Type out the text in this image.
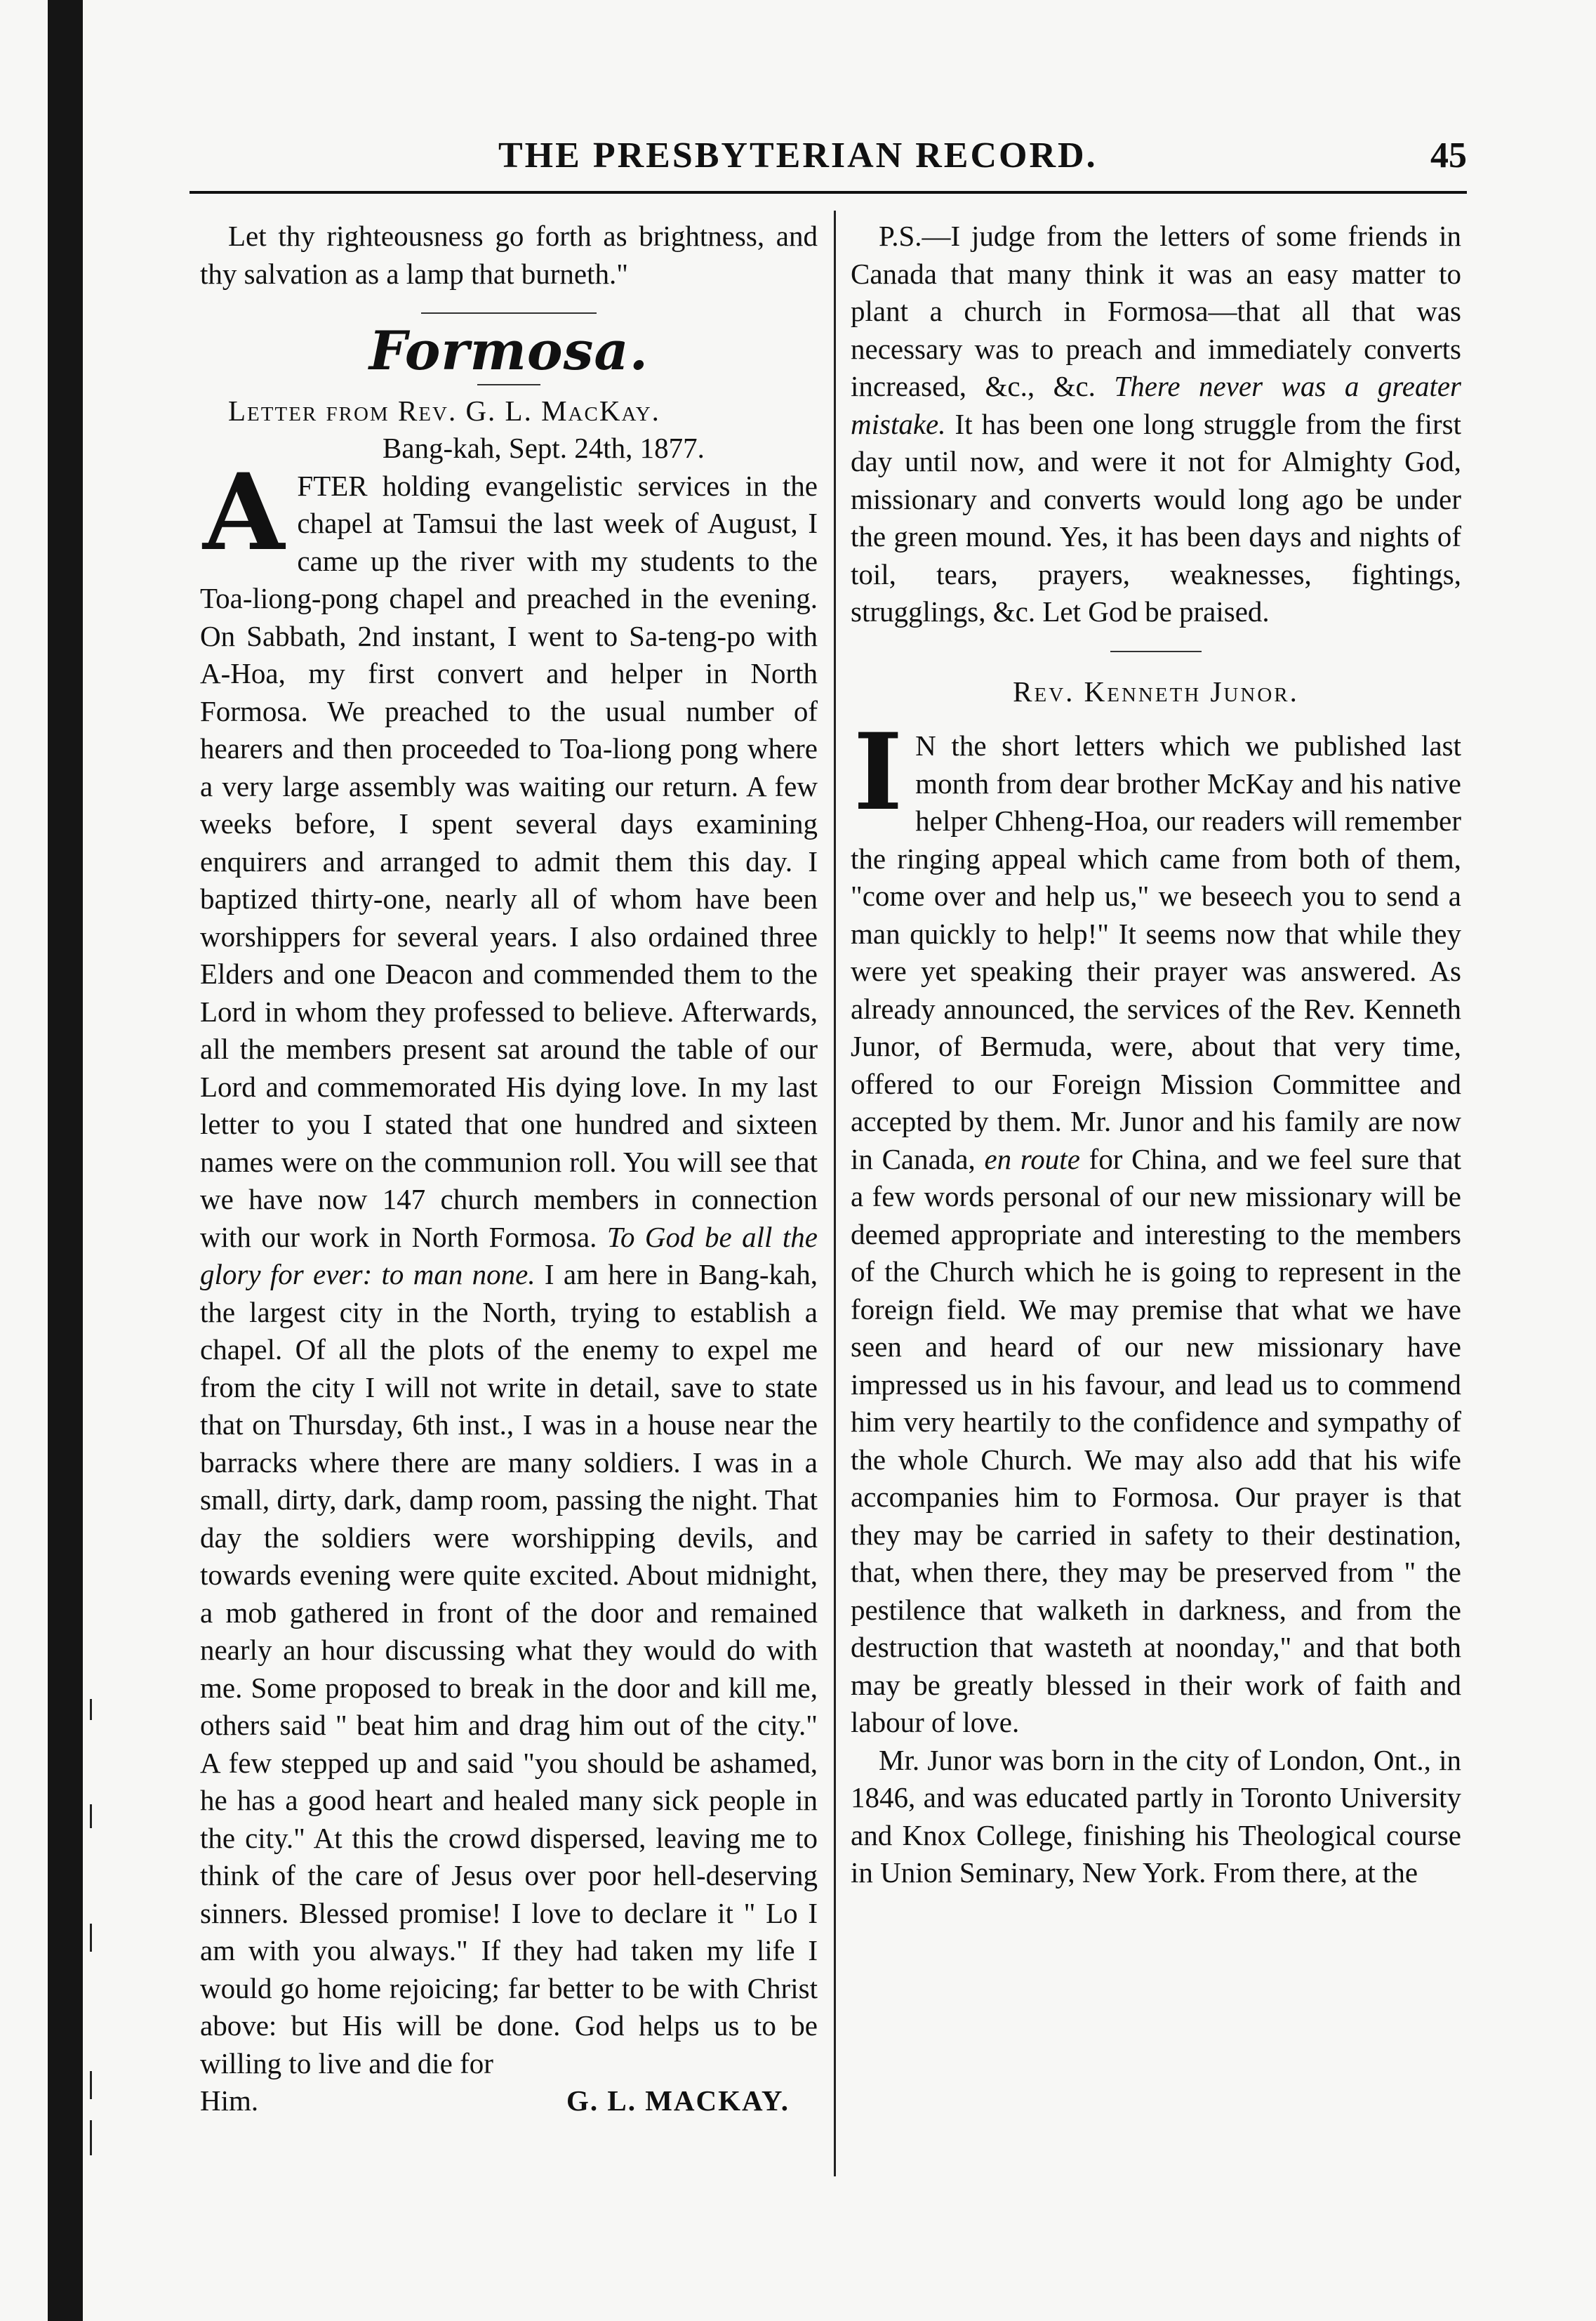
THE PRESBYTERIAN RECORD.	45

Let thy righteousness go forth as brightness, and thy salvation as a lamp that burneth."

Formosa.

Letter from Rev. G. L. MacKay.

Bang-kah, Sept. 24th, 1877.

AFTER holding evangelistic services in the chapel at Tamsui the last week of August, I came up the river with my students to the Toa-liong-pong chapel and preached in the evening. On Sabbath, 2nd instant, I went to Sa-teng-po with A-Hoa, my first convert and helper in North Formosa. We preached to the usual number of hearers and then proceeded to Toa-liong pong where a very large assembly was waiting our return. A few weeks before, I spent several days examining enquirers and arranged to admit them this day. I baptized thirty-one, nearly all of whom have been worshippers for several years. I also ordained three Elders and one Deacon and commended them to the Lord in whom they professed to believe. Afterwards, all the members present sat around the table of our Lord and commemorated His dying love. In my last letter to you I stated that one hundred and sixteen names were on the communion roll. You will see that we have now 147 church members in connection with our work in North Formosa. To God be all the glory for ever: to man none. I am here in Bang-kah, the largest city in the North, trying to establish a chapel. Of all the plots of the enemy to expel me from the city I will not write in detail, save to state that on Thursday, 6th inst., I was in a house near the barracks where there are many soldiers. I was in a small, dirty, dark, damp room, passing the night. That day the soldiers were worshipping devils, and towards evening were quite excited. About midnight, a mob gathered in front of the door and remained nearly an hour discussing what they would do with me. Some proposed to break in the door and kill me, others said " beat him and drag him out of the city." A few stepped up and said "you should be ashamed, he has a good heart and healed many sick people in the city." At this the crowd dispersed, leaving me to think of the care of Jesus over poor hell-deserving sinners. Blessed promise! I love to declare it " Lo I am with you always." If they had taken my life I would go home rejoicing; far better to be with Christ above: but His will be done. God helps us to be willing to live and die for

Him.	G. L. MACKAY.

P.S.—I judge from the letters of some friends in Canada that many think it was an easy matter to plant a church in Formosa—that all that was necessary was to preach and immediately converts increased, &c., &c. There never was a greater mistake. It has been one long struggle from the first day until now, and were it not for Almighty God, missionary and converts would long ago be under the green mound. Yes, it has been days and nights of toil, tears, prayers, weaknesses, fightings, strugglings, &c. Let God be praised.

Rev. Kenneth Junor.

I N the short letters which we published last month from dear brother McKay and his native helper Chheng-Hoa, our readers will remember the ringing appeal which came from both of them, "come over and help us," we beseech you to send a man quickly to help!" It seems now that while they were yet speaking their prayer was answered. As already announced, the services of the Rev. Kenneth Junor, of Bermuda, were, about that very time, offered to our Foreign Mission Committee and accepted by them. Mr. Junor and his family are now in Canada, en route for China, and we feel sure that a few words personal of our new missionary will be deemed appropriate and interesting to the members of the Church which he is going to represent in the foreign field. We may premise that what we have seen and heard of our new missionary have impressed us in his favour, and lead us to commend him very heartily to the confidence and sympathy of the whole Church. We may also add that his wife accompanies him to Formosa. Our prayer is that they may be carried in safety to their destination, that, when there, they may be preserved from " the pestilence that walketh in darkness, and from the destruction that wasteth at noonday," and that both may be greatly blessed in their work of faith and labour of love.

Mr. Junor was born in the city of London, Ont., in 1846, and was educated partly in Toronto University and Knox College, finishing his Theological course in Union Seminary, New York. From there, at the
